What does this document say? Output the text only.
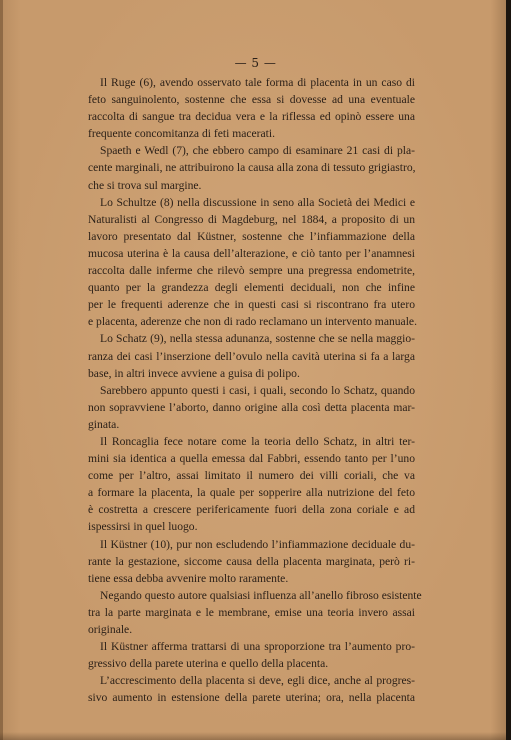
— 5 —

Il Ruge (6), avendo osservato tale forma di placenta in un caso di
feto sanguinolento, sostenne che essa si dovesse ad una eventuale
raccolta di sangue tra decidua vera e la riflessa ed opinò essere una
frequente concomitanza di feti macerati.

Spaeth e Wedl (7), che ebbero campo di esaminare 21 casi di pla-
cente marginali, ne attribuirono la causa alla zona di tessuto grigiastro,
che si trova sul margine.

Lo Schultze (8) nella discussione in seno alla Società dei Medici e
Naturalisti al Congresso di Magdeburg, nel 1884, a proposito di un
lavoro presentato dal Küstner, sostenne che l’infiammazione della
mucosa uterina è la causa dell’alterazione, e ciò tanto per l’anamnesi
raccolta dalle inferme che rilevò sempre una pregressa endometrite,
quanto per la grandezza degli elementi deciduali, non che infine
per le frequenti aderenze che in questi casi si riscontrano fra utero
e placenta, aderenze che non di rado reclamano un intervento manuale.

Lo Schatz (9), nella stessa adunanza, sostenne che se nella maggio-
ranza dei casi l’inserzione dell’ovulo nella cavità uterina si fa a larga
base, in altri invece avviene a guisa di polipo.

Sarebbero appunto questi i casi, i quali, secondo lo Schatz, quando
non sopravviene l’aborto, danno origine alla così detta placenta mar-
ginata.

Il Roncaglia fece notare come la teoria dello Schatz, in altri ter-
mini sia identica a quella emessa dal Fabbri, essendo tanto per l’uno
come per l’altro, assai limitato il numero dei villi coriali, che va
a formare la placenta, la quale per sopperire alla nutrizione del feto
è costretta a crescere perifericamente fuori della zona coriale e ad
ispessirsi in quel luogo.

Il Küstner (10), pur non escludendo l’infiammazione deciduale du-
rante la gestazione, siccome causa della placenta marginata, però ri-
tiene essa debba avvenire molto raramente.

Negando questo autore qualsiasi influenza all’anello fibroso esistente
tra la parte marginata e le membrane, emise una teoria invero assai
originale.

Il Küstner afferma trattarsi di una sproporzione tra l’aumento pro-
gressivo della parete uterina e quello della placenta.

L’accrescimento della placenta si deve, egli dice, anche al progres-
sivo aumento in estensione della parete uterina; ora, nella placenta
